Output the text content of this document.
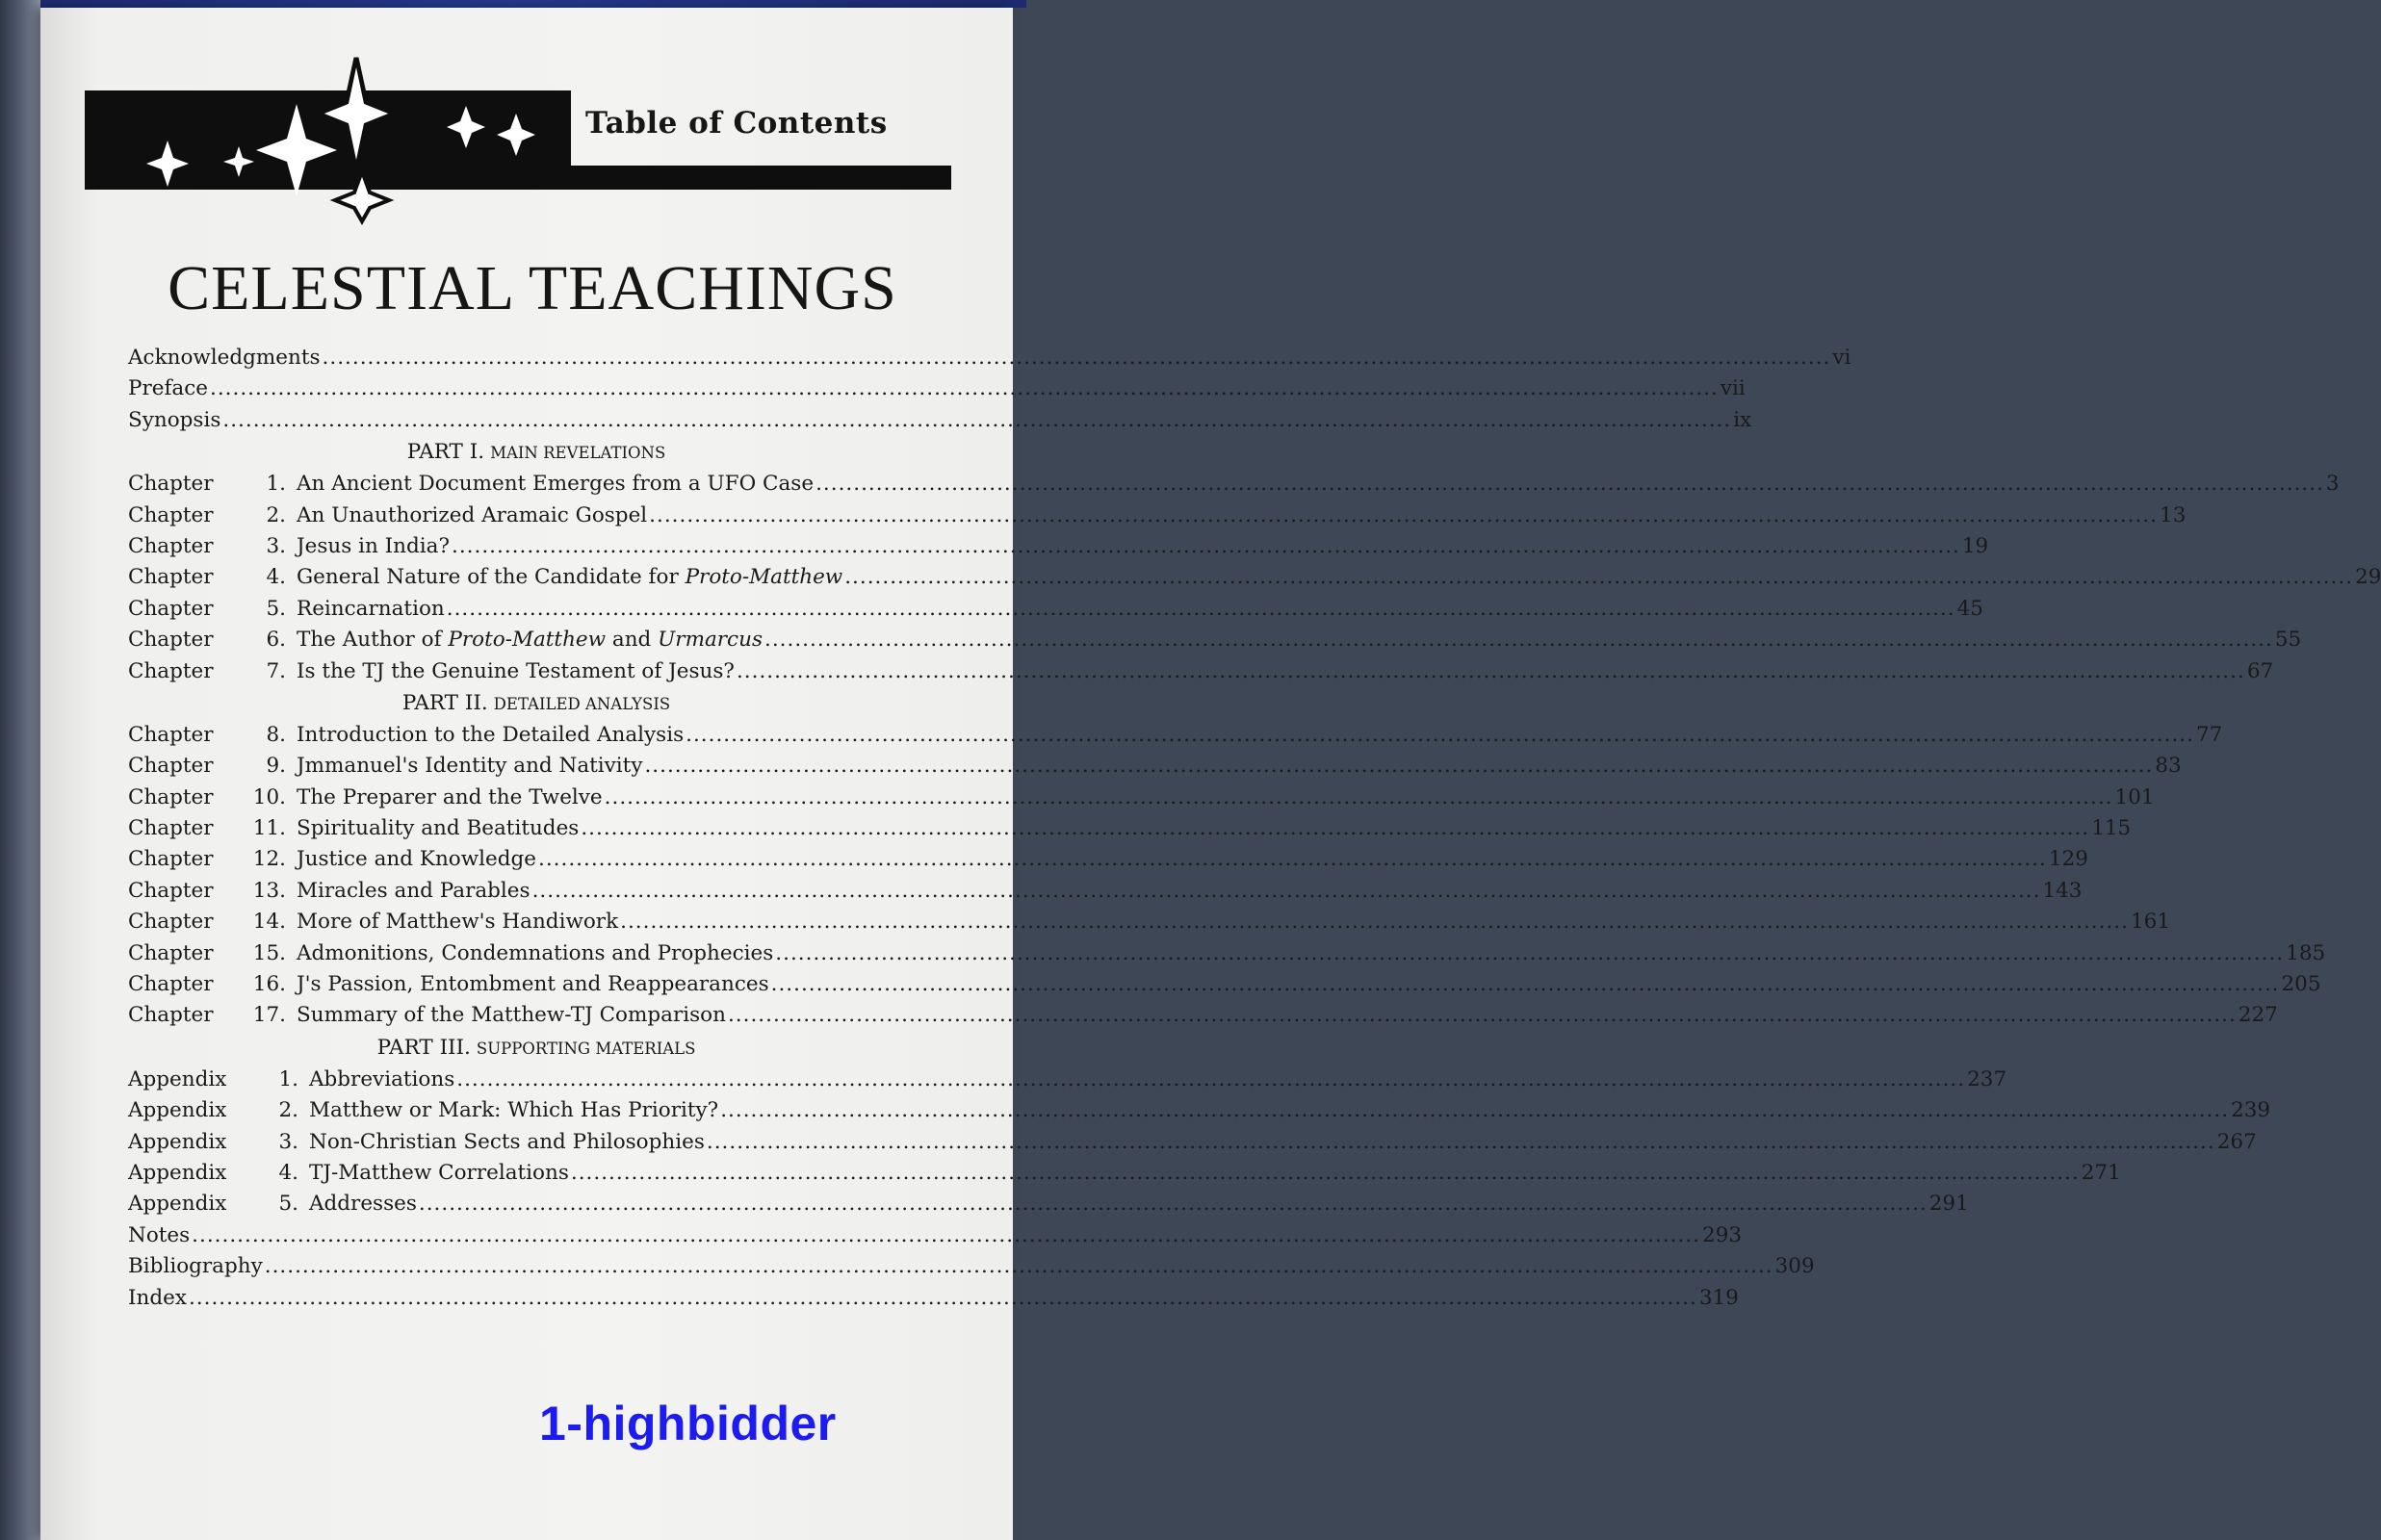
Table of Contents
CELESTIAL TEACHINGS
Acknowledgments ........................................................................................................................................................................................................ vi
Preface ........................................................................................................................................................................................................ vii
Synopsis ........................................................................................................................................................................................................ ix
PART I. MAIN REVELATIONS
Chapter	1. An Ancient Document Emerges from a UFO Case ........................................................................................................................................................................................................ 3
Chapter	2. An Unauthorized Aramaic Gospel ........................................................................................................................................................................................................ 13
Chapter	3. Jesus in India? ........................................................................................................................................................................................................ 19
Chapter	4. General Nature of the Candidate for Proto-Matthew ........................................................................................................................................................................................................ 29
Chapter	5. Reincarnation ........................................................................................................................................................................................................ 45
Chapter	6. The Author of Proto-Matthew and Urmarcus ........................................................................................................................................................................................................ 55
Chapter	7. Is the TJ the Genuine Testament of Jesus? ........................................................................................................................................................................................................ 67
PART II. DETAILED ANALYSIS
Chapter	8. Introduction to the Detailed Analysis ........................................................................................................................................................................................................ 77
Chapter	9. Jmmanuel's Identity and Nativity ........................................................................................................................................................................................................ 83
Chapter 10. The Preparer and the Twelve ........................................................................................................................................................................................................ 101
Chapter 11. Spirituality and Beatitudes ........................................................................................................................................................................................................ 115
Chapter 12. Justice and Knowledge ........................................................................................................................................................................................................ 129
Chapter 13. Miracles and Parables ........................................................................................................................................................................................................ 143
Chapter 14. More of Matthew's Handiwork ........................................................................................................................................................................................................ 161
Chapter 15. Admonitions, Condemnations and Prophecies ........................................................................................................................................................................................................ 185
Chapter 16. J's Passion, Entombment and Reappearances ........................................................................................................................................................................................................ 205
Chapter 17. Summary of the Matthew-TJ Comparison ........................................................................................................................................................................................................ 227
PART III. SUPPORTING MATERIALS
Appendix	1. Abbreviations ........................................................................................................................................................................................................ 237
Appendix	2. Matthew or Mark: Which Has Priority? ........................................................................................................................................................................................................ 239
Appendix	3. Non-Christian Sects and Philosophies ........................................................................................................................................................................................................ 267
Appendix	4. TJ-Matthew Correlations ........................................................................................................................................................................................................ 271
Appendix	5. Addresses ........................................................................................................................................................................................................ 291
Notes ........................................................................................................................................................................................................ 293
Bibliography ........................................................................................................................................................................................................ 309
Index ........................................................................................................................................................................................................ 319
1-highbidder
